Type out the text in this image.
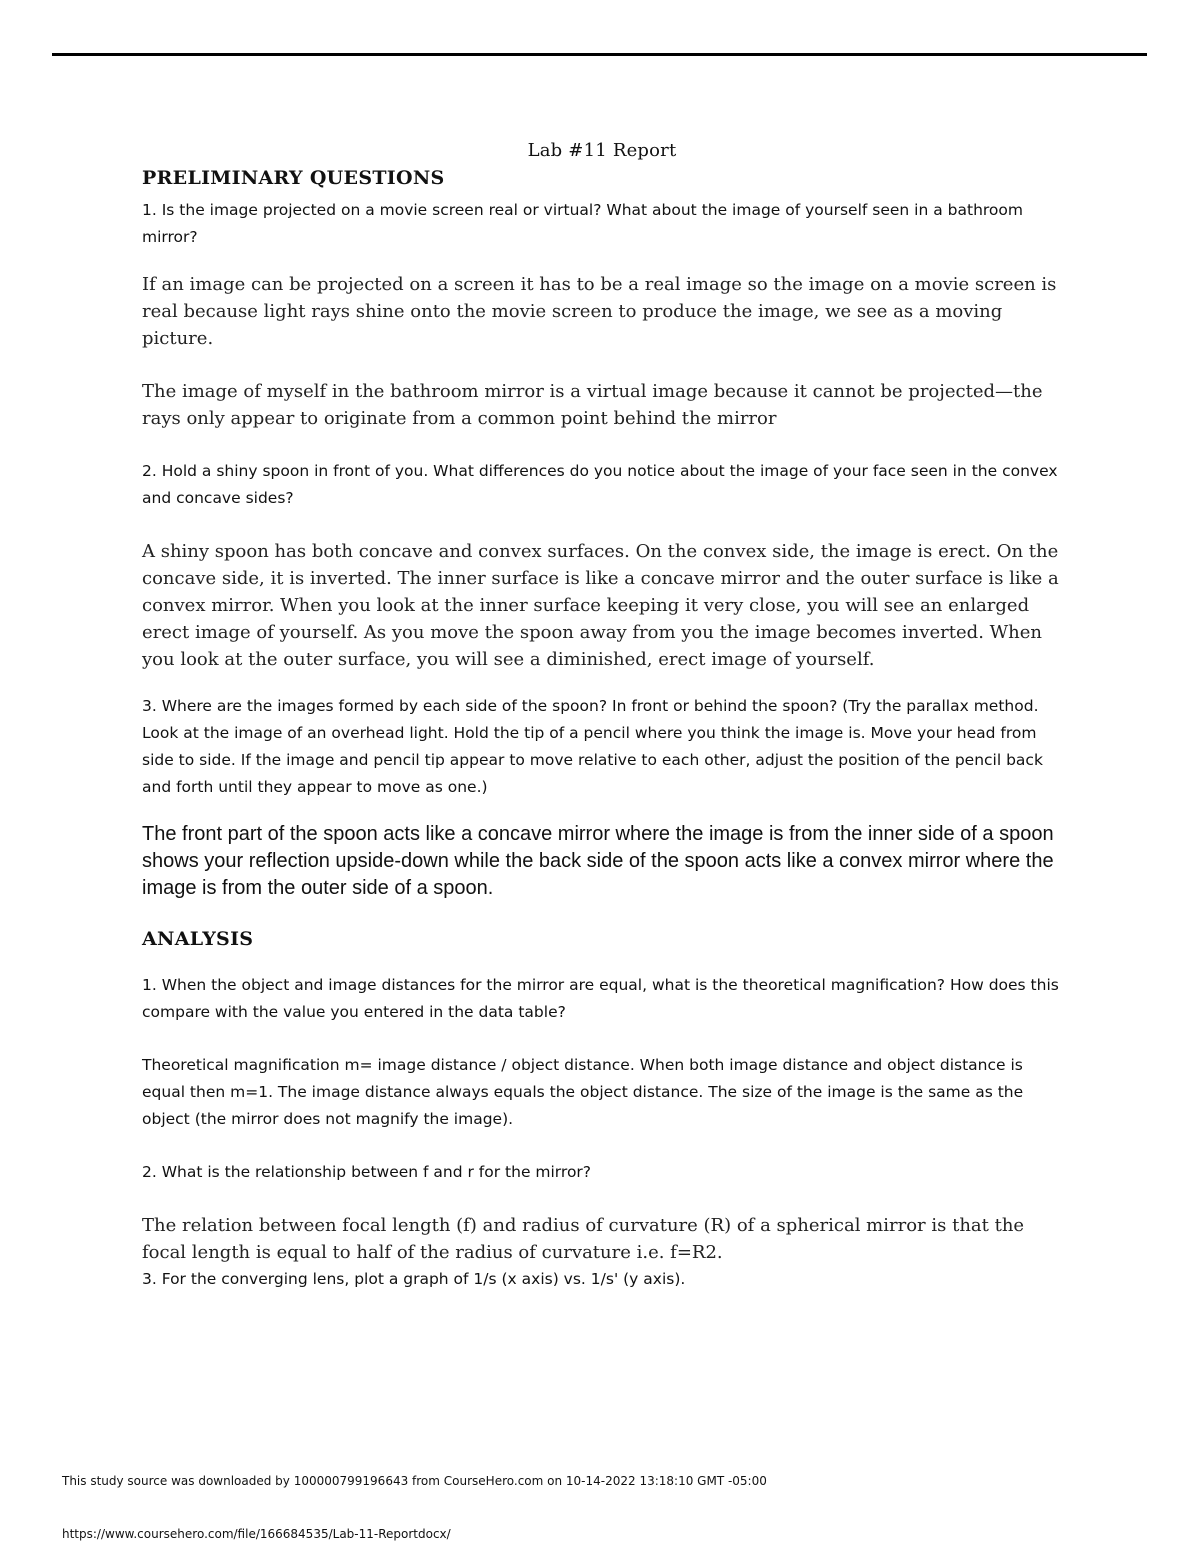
Lab #11 Report
PRELIMINARY QUESTIONS

1. Is the image projected on a movie screen real or virtual? What about the image of yourself seen in a bathroom mirror?

If an image can be projected on a screen it has to be a real image so the image on a movie screen is real because light rays shine onto the movie screen to produce the image, we see as a moving picture.

The image of myself in the bathroom mirror is a virtual image because it cannot be projected—the rays only appear to originate from a common point behind the mirror

2. Hold a shiny spoon in front of you. What differences do you notice about the image of your face seen in the convex and concave sides?

A shiny spoon has both concave and convex surfaces. On the convex side, the image is erect. On the concave side, it is inverted. The inner surface is like a concave mirror and the outer surface is like a convex mirror. When you look at the inner surface keeping it very close, you will see an enlarged erect image of yourself. As you move the spoon away from you the image becomes inverted. When you look at the outer surface, you will see a diminished, erect image of yourself.

3. Where are the images formed by each side of the spoon? In front or behind the spoon? (Try the parallax method. Look at the image of an overhead light. Hold the tip of a pencil where you think the image is. Move your head from side to side. If the image and pencil tip appear to move relative to each other, adjust the position of the pencil back and forth until they appear to move as one.)

The front part of the spoon acts like a concave mirror where the image is from the inner side of a spoon shows your reflection upside-down while the back side of the spoon acts like a convex mirror where the image is from the outer side of a spoon.

ANALYSIS

1. When the object and image distances for the mirror are equal, what is the theoretical magnification? How does this compare with the value you entered in the data table?

Theoretical magnification m= image distance / object distance. When both image distance and object distance is equal then m=1. The image distance always equals the object distance. The size of the image is the same as the object (the mirror does not magnify the image).

2. What is the relationship between f and r for the mirror?

The relation between focal length (f) and radius of curvature (R) of a spherical mirror is that the focal length is equal to half of the radius of curvature i.e. f=R2.

3. For the converging lens, plot a graph of 1/s (x axis) vs. 1/s' (y axis).

This study source was downloaded by 100000799196643 from CourseHero.com on 10-14-2022 13:18:10 GMT -05:00
https://www.coursehero.com/file/166684535/Lab-11-Reportdocx/
